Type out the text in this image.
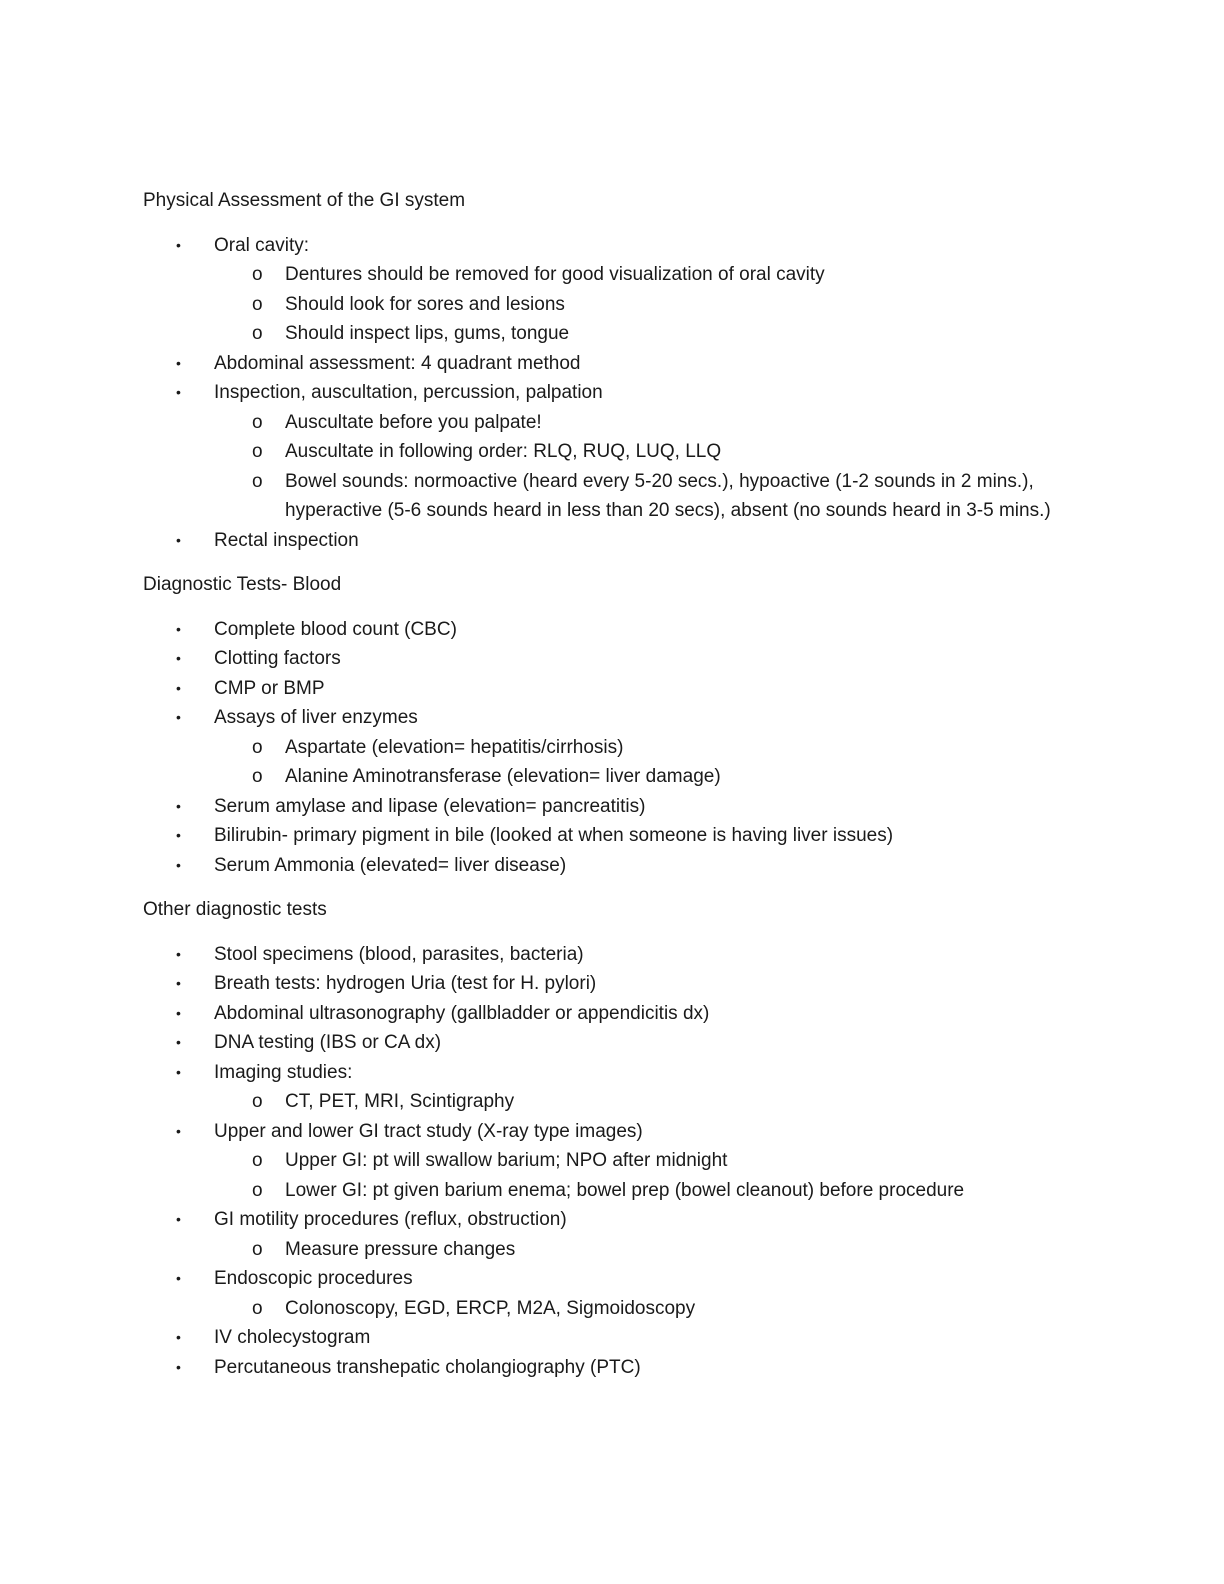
Physical Assessment of the GI system
• Oral cavity:
o Dentures should be removed for good visualization of oral cavity
o Should look for sores and lesions
o Should inspect lips, gums, tongue
• Abdominal assessment: 4 quadrant method
• Inspection, auscultation, percussion, palpation
o Auscultate before you palpate!
o Auscultate in following order: RLQ, RUQ, LUQ, LLQ
o Bowel sounds: normoactive (heard every 5-20 secs.), hypoactive (1-2 sounds in 2 mins.), hyperactive (5-6 sounds heard in less than 20 secs), absent (no sounds heard in 3-5 mins.)
• Rectal inspection
Diagnostic Tests- Blood
• Complete blood count (CBC)
• Clotting factors
• CMP or BMP
• Assays of liver enzymes
o Aspartate (elevation= hepatitis/cirrhosis)
o Alanine Aminotransferase (elevation= liver damage)
• Serum amylase and lipase (elevation= pancreatitis)
• Bilirubin- primary pigment in bile (looked at when someone is having liver issues)
• Serum Ammonia (elevated= liver disease)
Other diagnostic tests
• Stool specimens (blood, parasites, bacteria)
• Breath tests: hydrogen Uria (test for H. pylori)
• Abdominal ultrasonography (gallbladder or appendicitis dx)
• DNA testing (IBS or CA dx)
• Imaging studies:
o CT, PET, MRI, Scintigraphy
• Upper and lower GI tract study (X-ray type images)
o Upper GI: pt will swallow barium; NPO after midnight
o Lower GI: pt given barium enema; bowel prep (bowel cleanout) before procedure
• GI motility procedures (reflux, obstruction)
o Measure pressure changes
• Endoscopic procedures
o Colonoscopy, EGD, ERCP, M2A, Sigmoidoscopy
• IV cholecystogram
• Percutaneous transhepatic cholangiography (PTC)
